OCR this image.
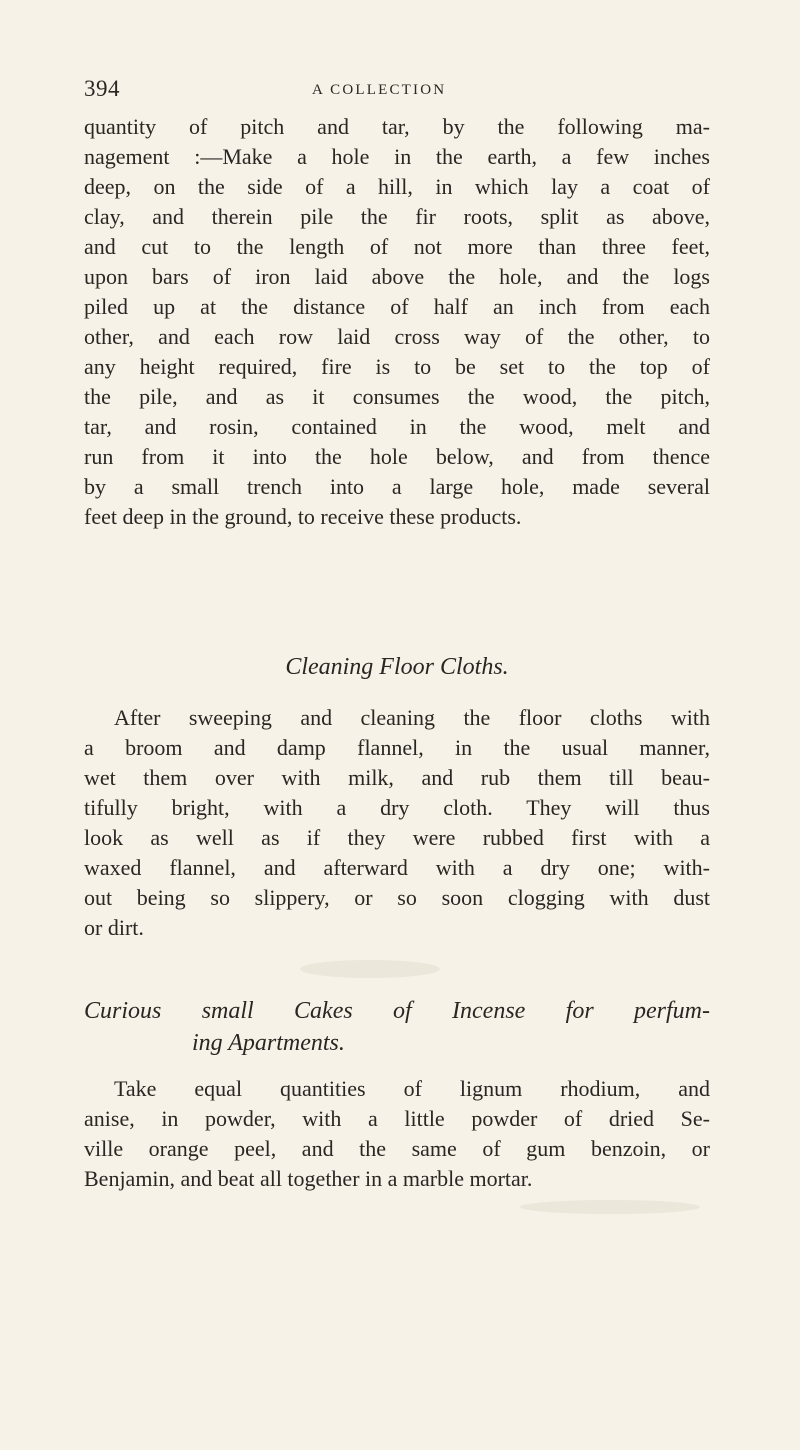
394	A COLLECTION
quantity of pitch and tar, by the following ma-
nagement :—Make a hole in the earth, a few inches
deep, on the side of a hill, in which lay a coat of
clay, and therein pile the fir roots, split as above,
and cut to the length of not more than three feet,
upon bars of iron laid above the hole, and the logs
piled up at the distance of half an inch from each
other, and each row laid cross way of the other, to
any height required, fire is to be set to the top of
the pile, and as it consumes the wood, the pitch,
tar, and rosin, contained in the wood, melt and
run from it into the hole below, and from thence
by a small trench into a large hole, made several
feet deep in the ground, to receive these products.
Cleaning Floor Cloths.
After sweeping and cleaning the floor cloths with
a broom and damp flannel, in the usual manner,
wet them over with milk, and rub them till beau-
tifully bright, with a dry cloth. They will thus
look as well as if they were rubbed first with a
waxed flannel, and afterward with a dry one; with-
out being so slippery, or so soon clogging with dust
or dirt.
Curious small Cakes of Incense for perfum-
ing Apartments.
Take equal quantities of lignum rhodium, and
anise, in powder, with a little powder of dried Se-
ville orange peel, and the same of gum benzoin, or
Benjamin, and beat all together in a marble mortar.
